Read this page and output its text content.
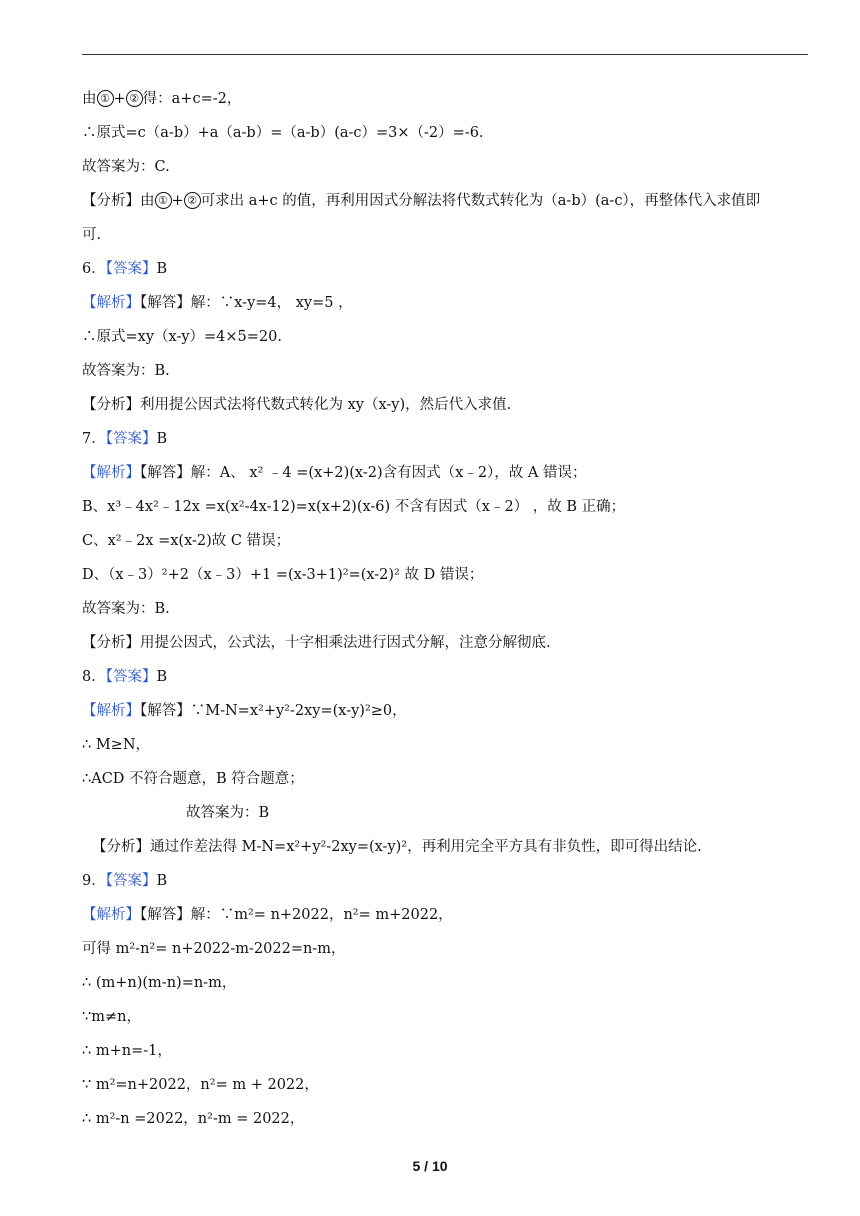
由 ① + ② 得：a+c=-2，
∴原式=c（a-b）+a（a-b）=（a-b）(a-c）=3×（-2）=-6.
故答案为：C.
【分析】由 ① + ② 可求出 a+c 的值，再利用因式分解法将代数式转化为（a-b）(a-c），再整体代入求值即
可.
6．【答案】B
【解析】【解答】解：∵x-y=4， xy=5 ，
∴原式=xy（x-y）=4×5=20.
故答案为：B.
【分析】利用提公因式法将代数式转化为 xy（x-y)，然后代入求值.
7．【答案】B
【解析】【解答】解：A、 x² ﹣4 =(x+2)(x-2)含有因式（x﹣2），故 A 错误；
B、x³﹣4x²﹣12x =x(x²-4x-12)=x(x+2)(x-6) 不含有因式（x﹣2） ，故 B 正确；
C、x²﹣2x =x(x-2)故 C 错误；
D、（x﹣3）²+2（x﹣3）+1 =(x-3+1)²=(x-2)² 故 D 错误；
故答案为：B.
【分析】用提公因式，公式法，十字相乘法进行因式分解，注意分解彻底.
8．【答案】B
【解析】【解答】∵M-N=x²+y²-2xy=(x-y)²≥0，
∴ M≥N，
∴ACD 不符合题意，B 符合题意；
故答案为：B
【分析】通过作差法得 M-N=x²+y²-2xy=(x-y)²，再利用完全平方具有非负性，即可得出结论.
9．【答案】B
【解析】【解答】解：∵m²= n+2022，n²= m+2022，
可得 m²-n²= n+2022-m-2022=n-m，
∴ (m+n)(m-n)=n-m，
∵m≠n，
∴ m+n=-1，
∵ m²=n+2022，n²= m + 2022，
∴ m²-n =2022，n²-m = 2022，
5 / 10
